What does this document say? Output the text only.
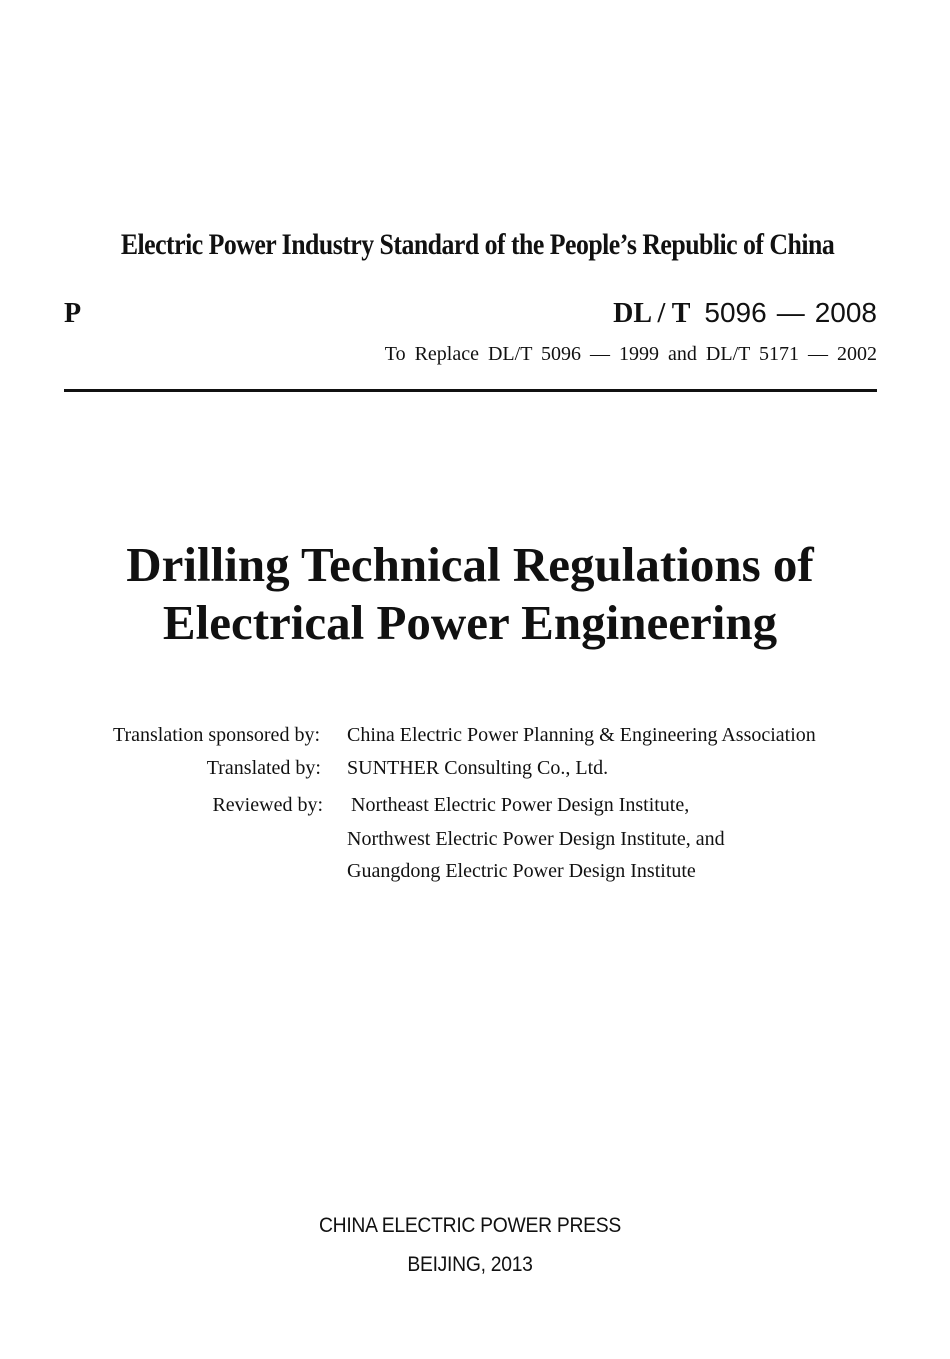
Electric Power Industry Standard of the People’s Republic of China
P	DL / T 5096 — 2008
To Replace DL/T 5096 — 1999 and DL/T 5171 — 2002
Drilling Technical Regulations of
Electrical Power Engineering
Translation sponsored by: China Electric Power Planning & Engineering Association
Translated by: SUNTHER Consulting Co., Ltd.
Reviewed by: Northeast Electric Power Design Institute,
Northwest Electric Power Design Institute, and
Guangdong Electric Power Design Institute
CHINA ELECTRIC POWER PRESS
BEIJING, 2013
